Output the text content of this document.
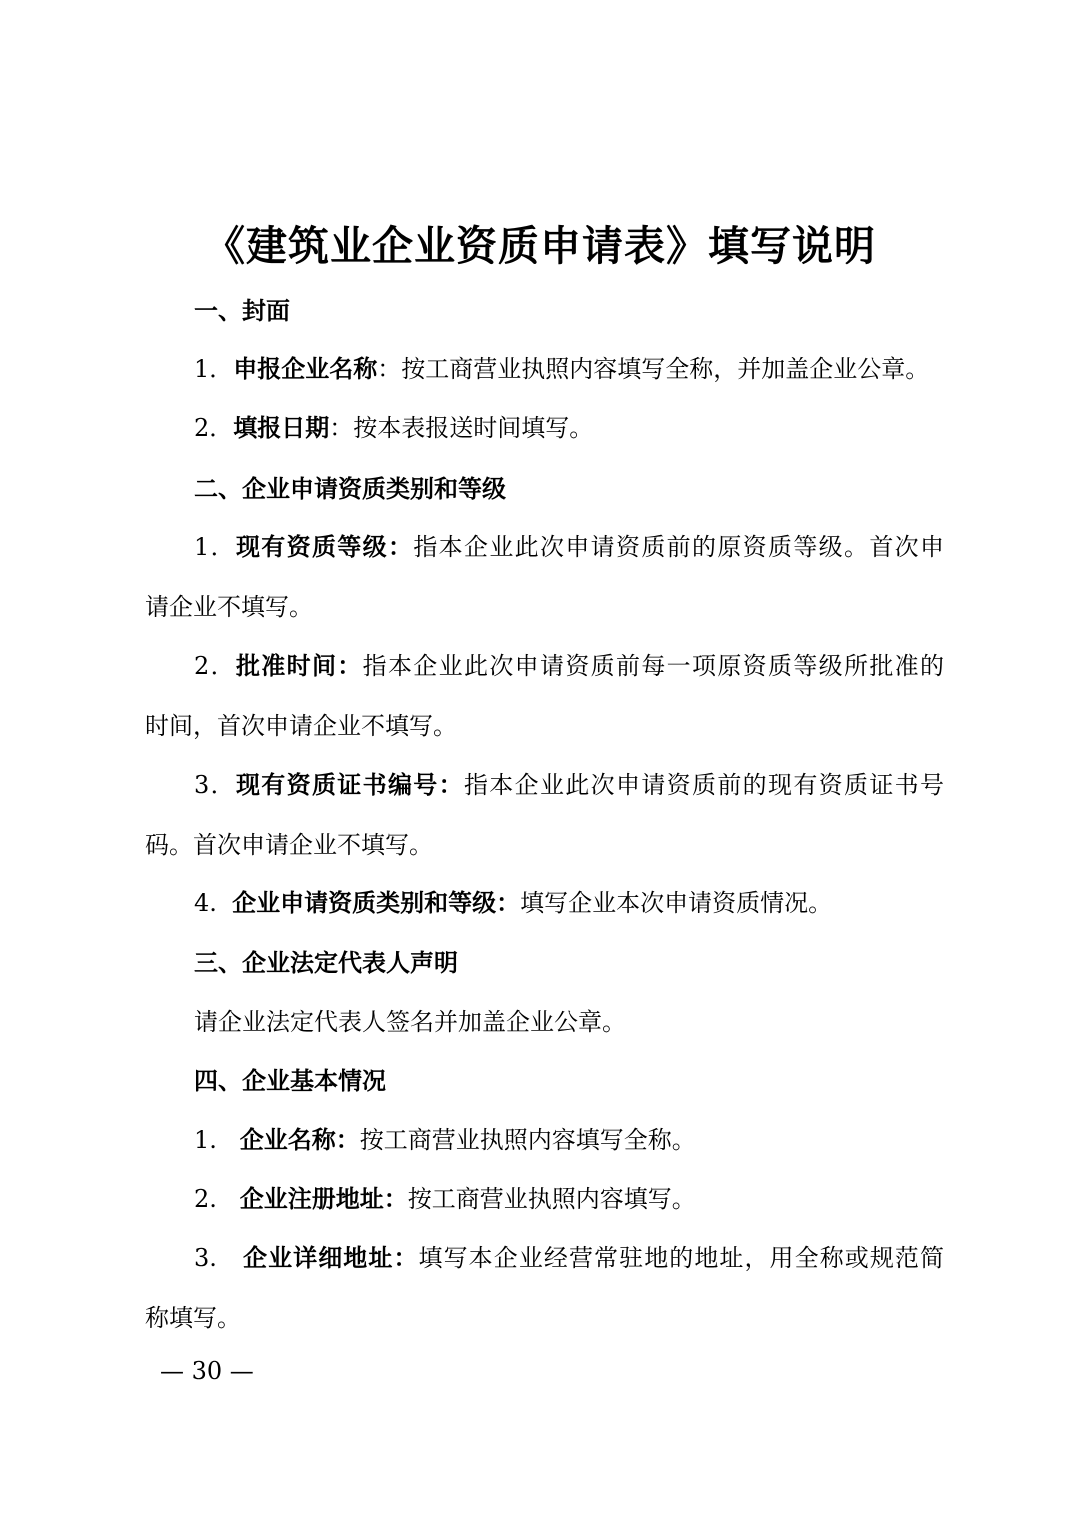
《建筑业企业资质申请表》填写说明
一、封面
1．申报企业名称：按工商营业执照内容填写全称，并加盖企业公章。
2．填报日期：按本表报送时间填写。
二、企业申请资质类别和等级
1．现有资质等级：指本企业此次申请资质前的原资质等级。首次申
请企业不填写。
2．批准时间：指本企业此次申请资质前每一项原资质等级所批准的
时间，首次申请企业不填写。
3．现有资质证书编号：指本企业此次申请资质前的现有资质证书号
码。首次申请企业不填写。
4.  企业申请资质类别和等级：填写企业本次申请资质情况。
三、企业法定代表人声明
请企业法定代表人签名并加盖企业公章。
四、企业基本情况
1.   企业名称：按工商营业执照内容填写全称。
2.   企业注册地址：按工商营业执照内容填写。
3.   企业详细地址：填写本企业经营常驻地的地址，用全称或规范简
称填写。
— 30 —
